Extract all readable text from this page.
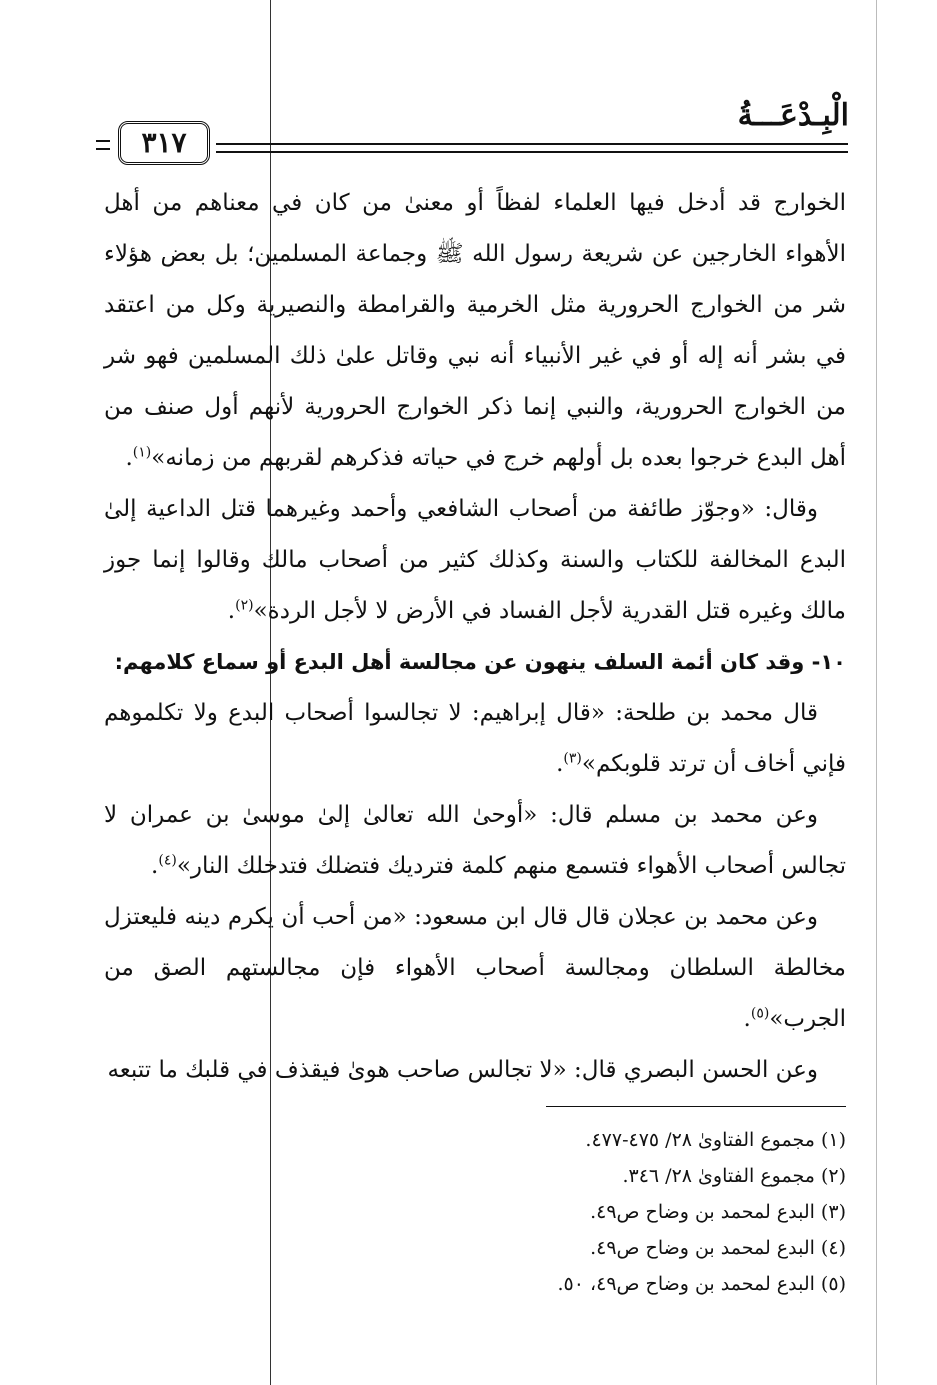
الْبِـدْعَـــةُ
٣١٧

الخوارج قد أدخل فيها العلماء لفظاً أو معنىٰ من كان في معناهم من أهل الأهواء الخارجين عن شريعة رسول الله ﷺ وجماعة المسلمين؛ بل بعض هؤلاء شر من الخوارج الحرورية مثل الخرمية والقرامطة والنصيرية وكل من اعتقد في بشر أنه إله أو في غير الأنبياء أنه نبي وقاتل علىٰ ذلك المسلمين فهو شر من الخوارج الحرورية، والنبي إنما ذكر الخوارج الحرورية لأنهم أول صنف من أهل البدع خرجوا بعده بل أولهم خرج في حياته فذكرهم لقربهم من زمانه»$^{(١)}$.

وقال: «وجوّز طائفة من أصحاب الشافعي وأحمد وغيرهما قتل الداعية إلىٰ البدع المخالفة للكتاب والسنة وكذلك كثير من أصحاب مالك وقالوا إنما جوز مالك وغيره قتل القدرية لأجل الفساد في الأرض لا لأجل الردة»$^{(٢)}$.

١٠- وقد كان أئمة السلف ينهون عن مجالسة أهل البدع أو سماع كلامهم:

قال محمد بن طلحة: «قال إبراهيم: لا تجالسوا أصحاب البدع ولا تكلموهم فإني أخاف أن ترتد قلوبكم»$^{(٣)}$.

وعن محمد بن مسلم قال: «أوحىٰ الله تعالىٰ إلىٰ موسىٰ بن عمران لا تجالس أصحاب الأهواء فتسمع منهم كلمة فترديك فتضلك فتدخلك النار»$^{(٤)}$.

وعن محمد بن عجلان قال قال ابن مسعود: «من أحب أن يكرم دينه فليعتزل مخالطة السلطان ومجالسة أصحاب الأهواء فإن مجالستهم الصق من الجرب»$^{(٥)}$.

وعن الحسن البصري قال: «لا تجالس صاحب هوىٰ فيقذف في قلبك ما تتبعه

(١) مجموع الفتاوىٰ ٢٨/ ٤٧٥-٤٧٧.
(٢) مجموع الفتاوىٰ ٢٨/ ٣٤٦.
(٣) البدع لمحمد بن وضاح ص٤٩.
(٤) البدع لمحمد بن وضاح ص٤٩.
(٥) البدع لمحمد بن وضاح ص٤٩، ٥٠.
